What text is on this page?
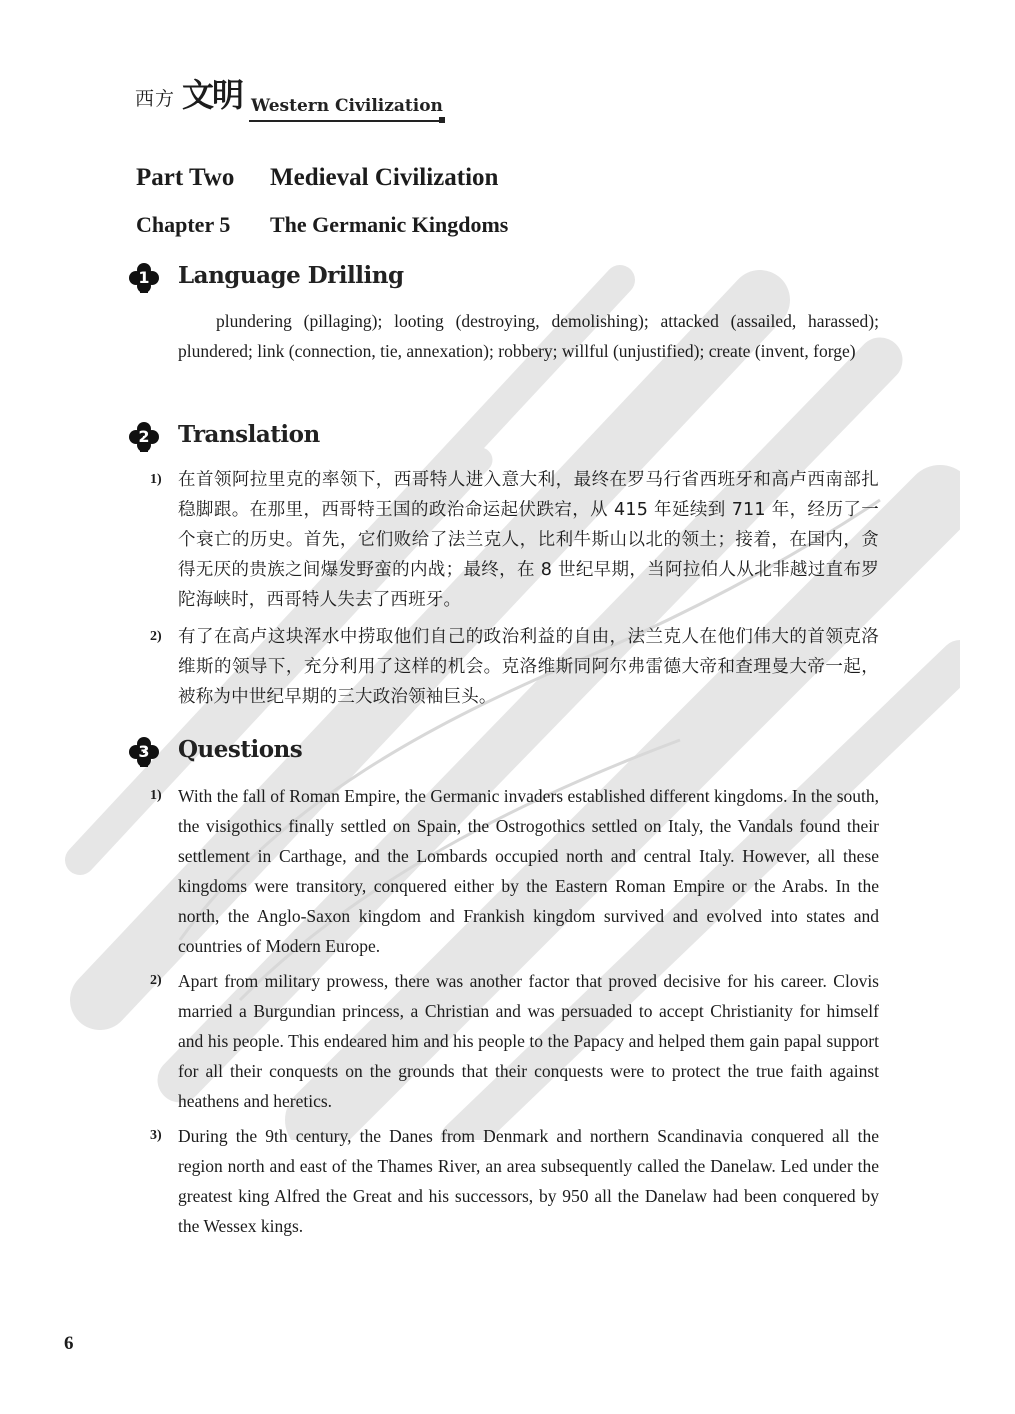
西方 文明 Western Civilization
Part Two Medieval Civilization
Chapter 5 The Germanic Kingdoms
1	Language Drilling
plundering (pillaging); looting (destroying, demolishing); attacked (assailed, harassed); plundered; link (connection, tie, annexation); robbery; willful (unjustified); create (invent, forge)
2	Translation
1) 在首领阿拉里克的率领下，西哥特人进入意大利，最终在罗马行省西班牙和高卢西南部扎稳脚跟。在那里，西哥特王国的政治命运起伏跌宕，从 415 年延续到 711 年，经历了一个衰亡的历史。首先，它们败给了法兰克人，比利牛斯山以北的领土；接着，在国内，贪得无厌的贵族之间爆发野蛮的内战；最终，在 8 世纪早期，当阿拉伯人从北非越过直布罗陀海峡时，西哥特人失去了西班牙。
2) 有了在高卢这块浑水中捞取他们自己的政治利益的自由，法兰克人在他们伟大的首领克洛维斯的领导下，充分利用了这样的机会。克洛维斯同阿尔弗雷德大帝和查理曼大帝一起，被称为中世纪早期的三大政治领袖巨头。
3	Questions
1) With the fall of Roman Empire, the Germanic invaders established different kingdoms. In the south, the visigothics finally settled on Spain, the Ostrogothics settled on Italy, the Vandals found their settlement in Carthage, and the Lombards occupied north and central Italy. However, all these kingdoms were transitory, conquered either by the Eastern Roman Empire or the Arabs. In the north, the Anglo-Saxon kingdom and Frankish kingdom survived and evolved into states and countries of Modern Europe.
2) Apart from military prowess, there was another factor that proved decisive for his career. Clovis married a Burgundian princess, a Christian and was persuaded to accept Christianity for himself and his people. This endeared him and his people to the Papacy and helped them gain papal support for all their conquests on the grounds that their conquests were to protect the true faith against heathens and heretics.
3) During the 9th century, the Danes from Denmark and northern Scandinavia conquered all the region north and east of the Thames River, an area subsequently called the Danelaw. Led under the greatest king Alfred the Great and his successors, by 950 all the Danelaw had been conquered by the Wessex kings.
6
